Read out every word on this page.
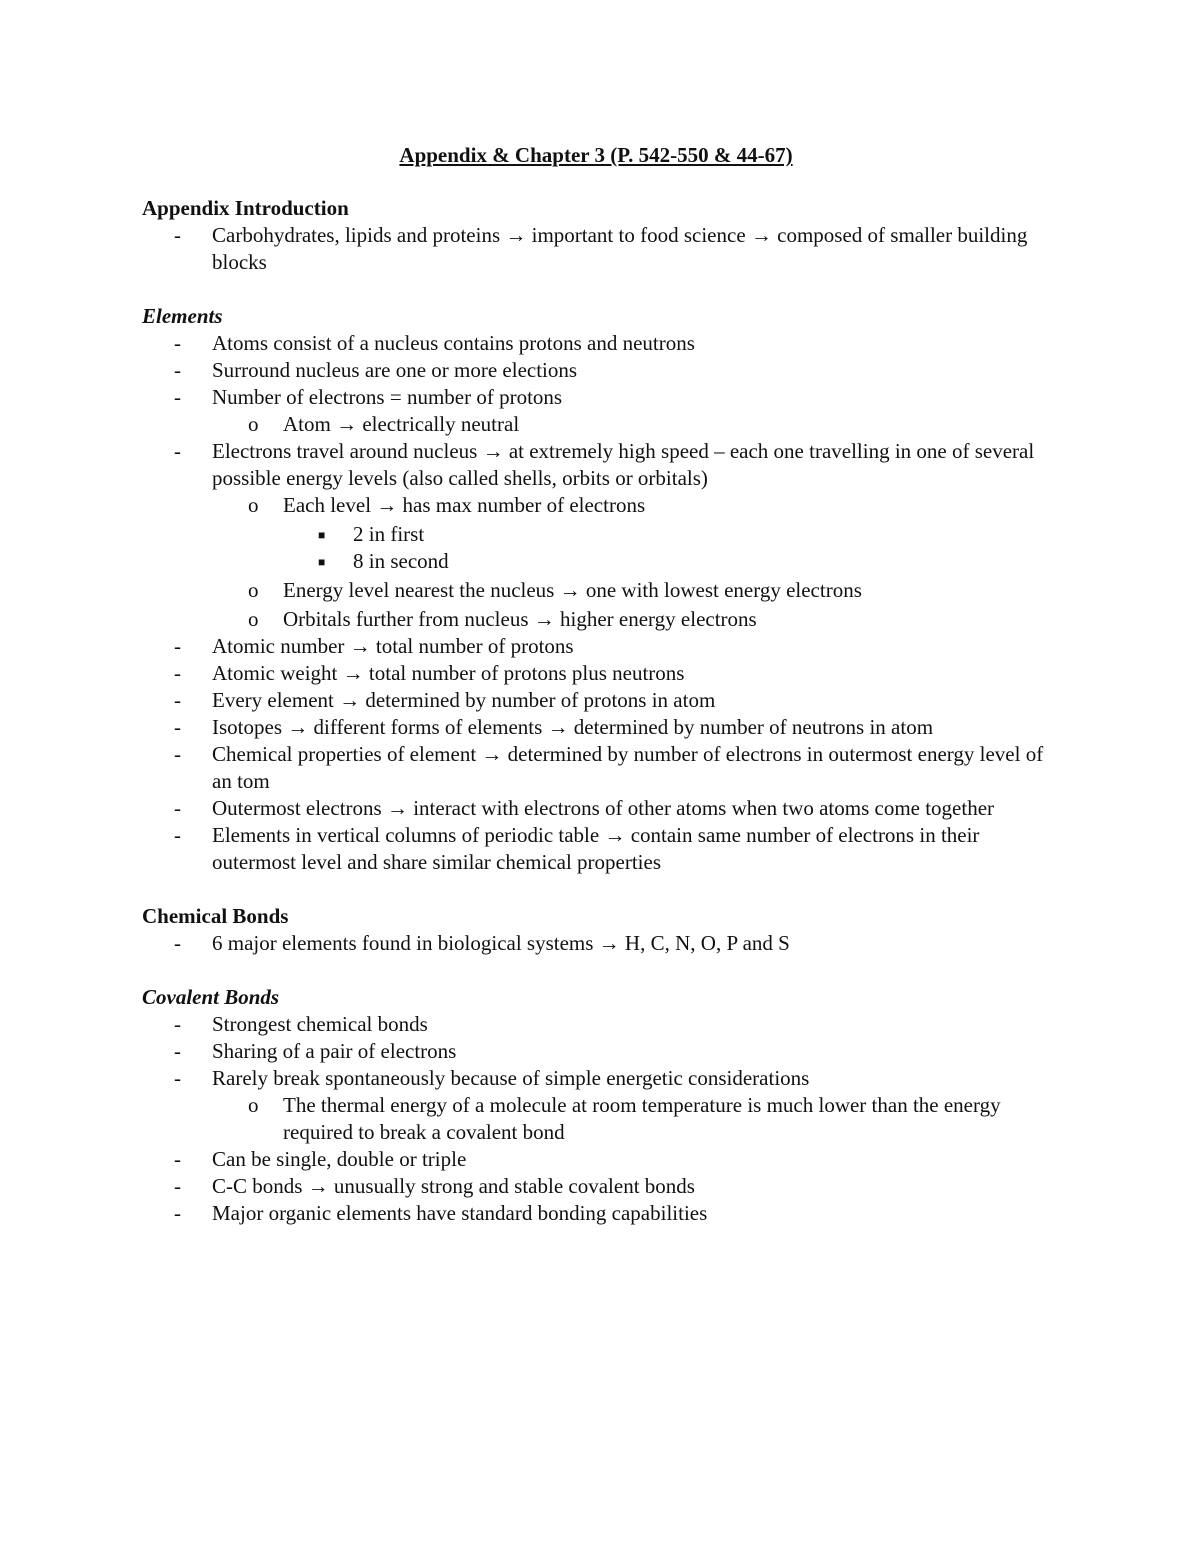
Appendix & Chapter 3 (P. 542-550 & 44-67)
Appendix Introduction
- Carbohydrates, lipids and proteins → important to food science → composed of smaller building blocks
Elements
- Atoms consist of a nucleus contains protons and neutrons
- Surround nucleus are one or more elections
- Number of electrons = number of protons
o Atom → electrically neutral
- Electrons travel around nucleus → at extremely high speed – each one travelling in one of several possible energy levels (also called shells, orbits or orbitals)
o Each level → has max number of electrons
■ 2 in first
■ 8 in second
o Energy level nearest the nucleus → one with lowest energy electrons
o Orbitals further from nucleus → higher energy electrons
- Atomic number → total number of protons
- Atomic weight → total number of protons plus neutrons
- Every element → determined by number of protons in atom
- Isotopes → different forms of elements → determined by number of neutrons in atom
- Chemical properties of element → determined by number of electrons in outermost energy level of an tom
- Outermost electrons → interact with electrons of other atoms when two atoms come together
- Elements in vertical columns of periodic table → contain same number of electrons in their outermost level and share similar chemical properties
Chemical Bonds
- 6 major elements found in biological systems → H, C, N, O, P and S
Covalent Bonds
- Strongest chemical bonds
- Sharing of a pair of electrons
- Rarely break spontaneously because of simple energetic considerations
o The thermal energy of a molecule at room temperature is much lower than the energy required to break a covalent bond
- Can be single, double or triple
- C-C bonds → unusually strong and stable covalent bonds
- Major organic elements have standard bonding capabilities
